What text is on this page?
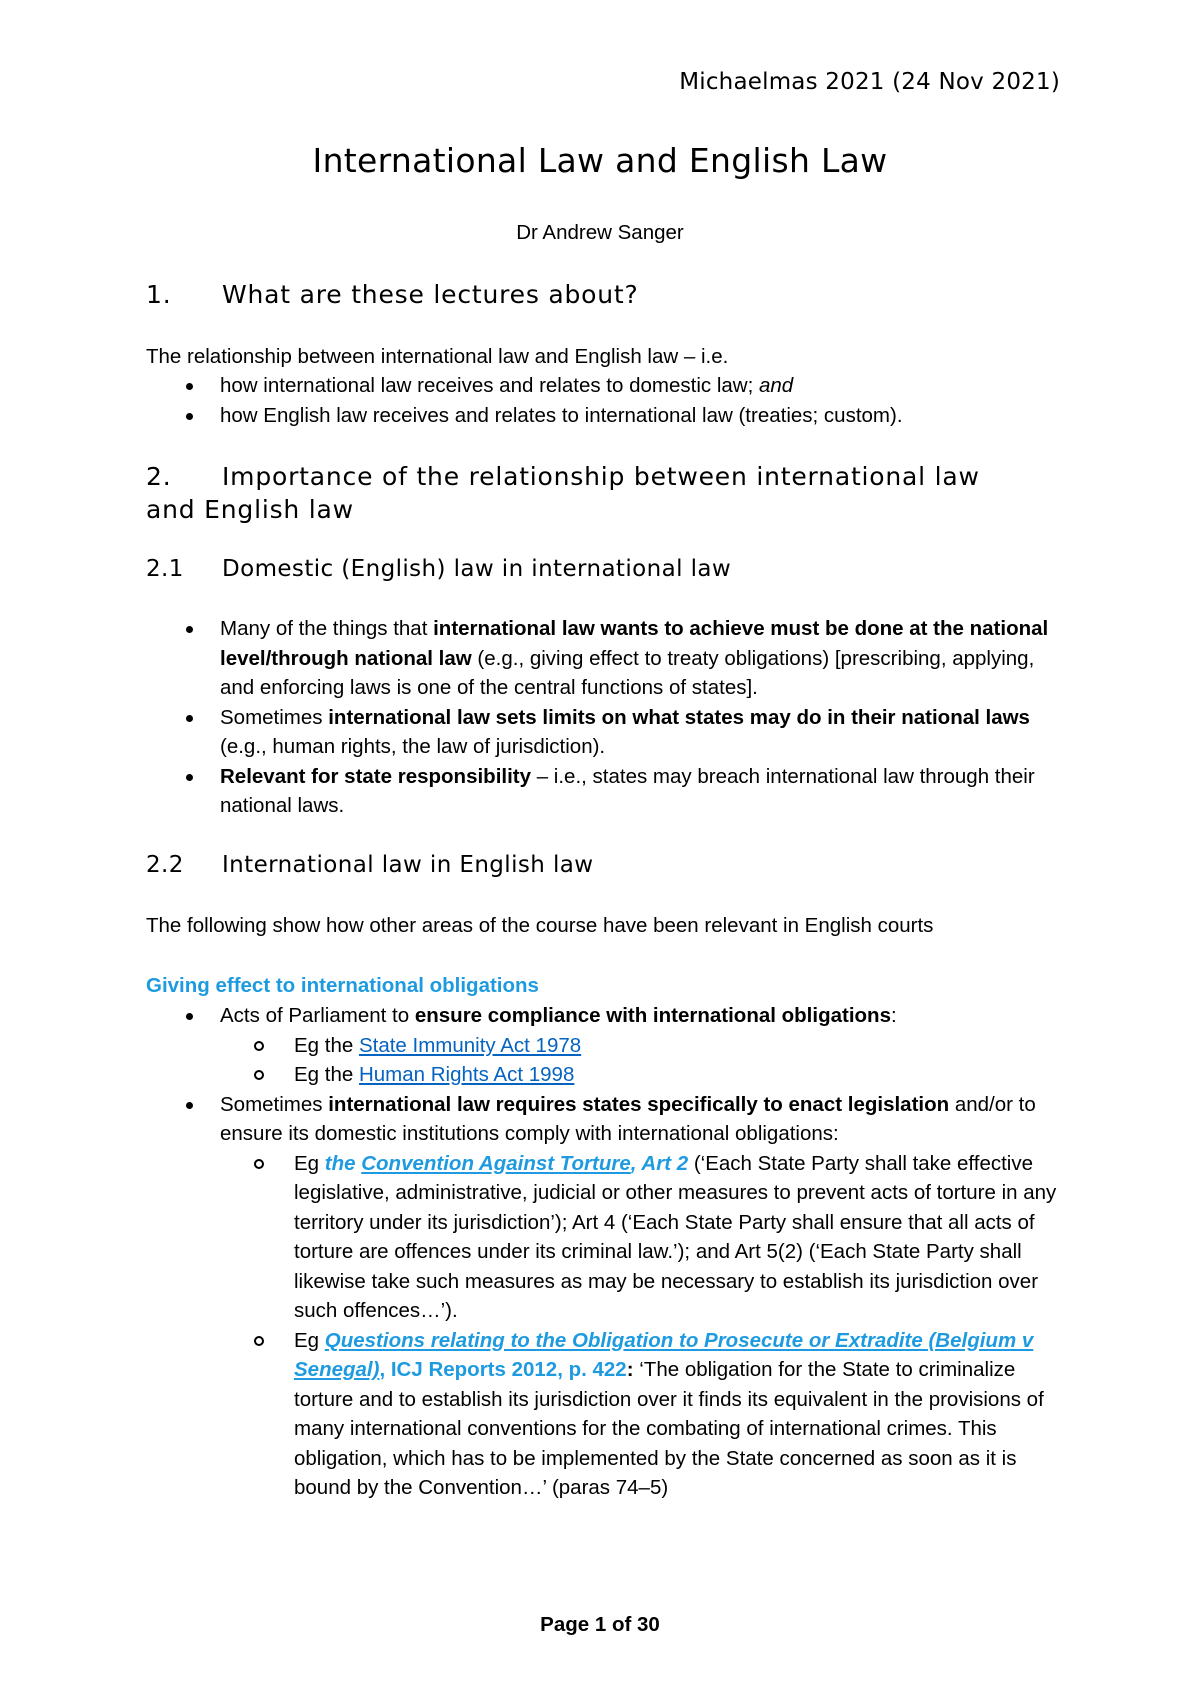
Michaelmas 2021 (24 Nov 2021)
International Law and English Law
Dr Andrew Sanger
1. What are these lectures about?
The relationship between international law and English law – i.e.
how international law receives and relates to domestic law; and
how English law receives and relates to international law (treaties; custom).
2. Importance of the relationship between international law
and English law
2.1 Domestic (English) law in international law
Many of the things that international law wants to achieve must be done at the national level/through national law (e.g., giving effect to treaty obligations) [prescribing, applying, and enforcing laws is one of the central functions of states].
Sometimes international law sets limits on what states may do in their national laws (e.g., human rights, the law of jurisdiction).
Relevant for state responsibility – i.e., states may breach international law through their national laws.
2.2 International law in English law
The following show how other areas of the course have been relevant in English courts
Giving effect to international obligations
Acts of Parliament to ensure compliance with international obligations:
Eg the State Immunity Act 1978
Eg the Human Rights Act 1998
Sometimes international law requires states specifically to enact legislation and/or to ensure its domestic institutions comply with international obligations:
Eg the Convention Against Torture, Art 2 (‘Each State Party shall take effective legislative, administrative, judicial or other measures to prevent acts of torture in any territory under its jurisdiction’); Art 4 (‘Each State Party shall ensure that all acts of torture are offences under its criminal law.’); and Art 5(2) (‘Each State Party shall likewise take such measures as may be necessary to establish its jurisdiction over such offences…’).
Eg Questions relating to the Obligation to Prosecute or Extradite (Belgium v Senegal), ICJ Reports 2012, p. 422: ‘The obligation for the State to criminalize torture and to establish its jurisdiction over it finds its equivalent in the provisions of many international conventions for the combating of international crimes. This obligation, which has to be implemented by the State concerned as soon as it is bound by the Convention…’ (paras 74–5)
Page 1 of 30
